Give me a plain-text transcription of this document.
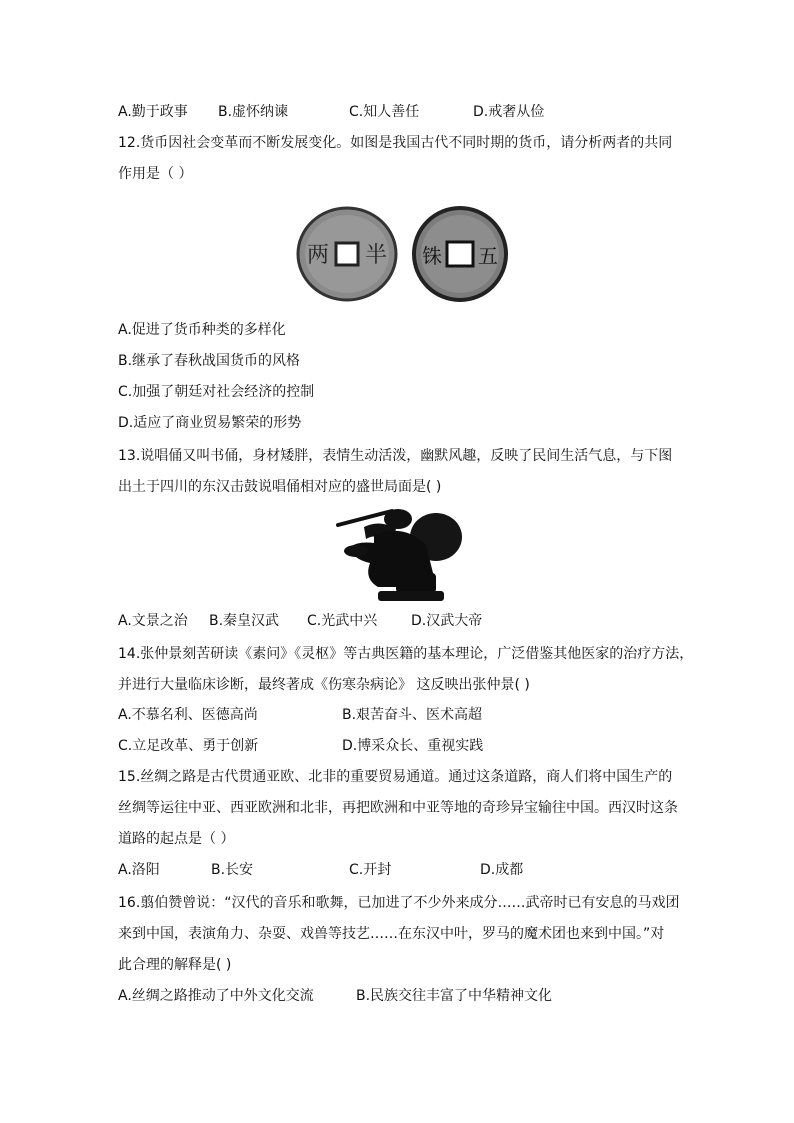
A.勤于政事 B.虚怀纳谏	C.知人善任	D.戒奢从俭
12.货币因社会变革而不断发展变化。如图是我国古代不同时期的货币，请分析两者的共同
作用是（ ）
两 半 铢 五
A.促进了货币种类的多样化
B.继承了春秋战国货币的风格
C.加强了朝廷对社会经济的控制
D.适应了商业贸易繁荣的形势
13.说唱俑又叫书俑，身材矮胖，表情生动活泼，幽默风趣，反映了民间生活气息，与下图
出土于四川的东汉击鼓说唱俑相对应的盛世局面是( )
A.文景之治 B.秦皇汉武 C.光武中兴 D.汉武大帝
14.张仲景刻苦研读《素问》《灵枢》等古典医籍的基本理论，广泛借鉴其他医家的治疗方法，
并进行大量临床诊断，最终著成《伤寒杂病论》 这反映出张仲景( )
A.不慕名利、医德高尚	B.艰苦奋斗、医术高超
C.立足改革、勇于创新	D.博采众长、重视实践
15.丝绸之路是古代贯通亚欧、北非的重要贸易通道。通过这条道路，商人们将中国生产的
丝绸等运往中亚、西亚欧洲和北非，再把欧洲和中亚等地的奇珍异宝输往中国。西汉时这条
道路的起点是（ ）
A.洛阳	B.长安	C.开封	D.成都
16.翦伯赞曾说：“汉代的音乐和歌舞，已加进了不少外来成分……武帝时已有安息的马戏团
来到中国，表演角力、杂耍、戏兽等技艺……在东汉中叶，罗马的魔术团也来到中国。”对
此合理的解释是( )
A.丝绸之路推动了中外文化交流	B.民族交往丰富了中华精神文化
